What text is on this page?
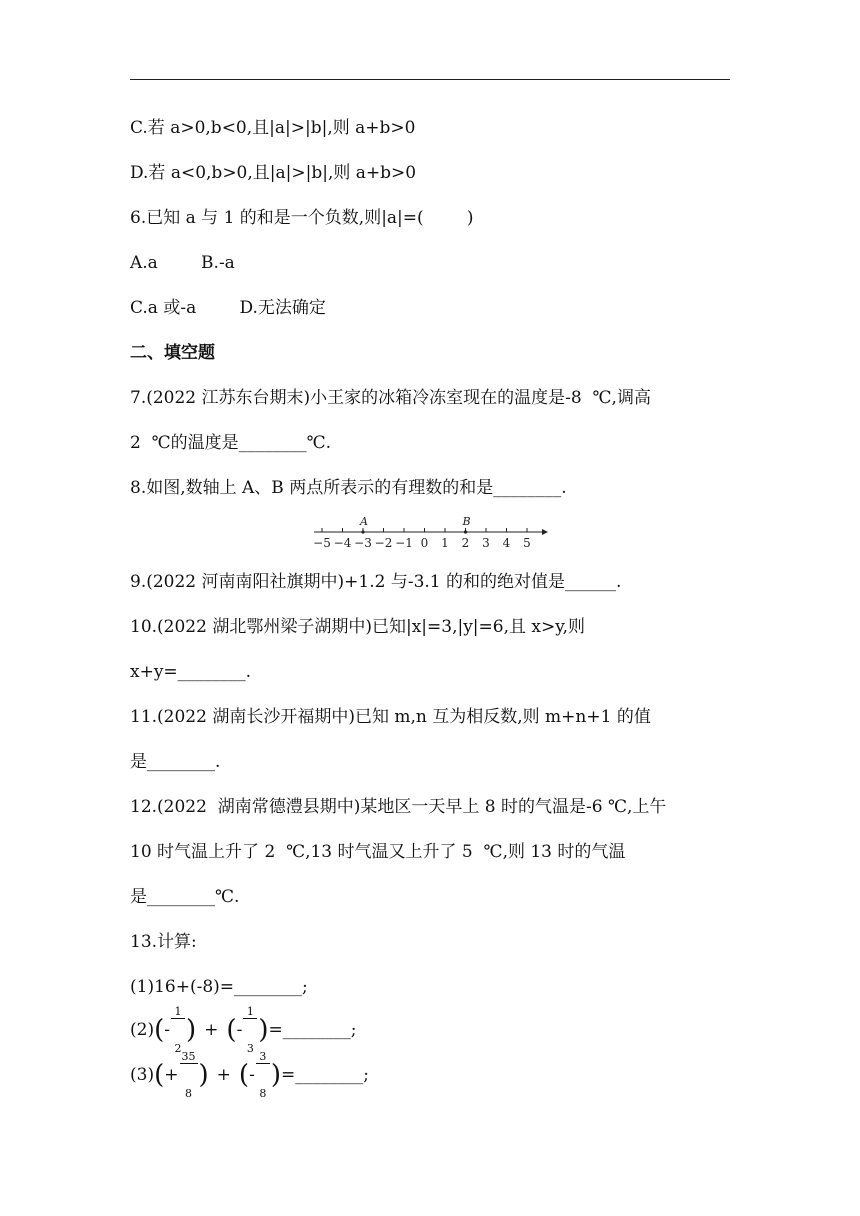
C.若 a>0,b<0,且|a|>|b|,则 a+b>0
D.若 a<0,b>0,且|a|>|b|,则 a+b>0
6.已知 a 与 1 的和是一个负数,则|a|=(        )
A.a        B.-a
C.a 或-a        D.无法确定
二、填空题
7.(2022 江苏东台期末)小王家的冰箱冷冻室现在的温度是-8  ℃,调高
2  ℃的温度是________℃.
8.如图,数轴上 A、B 两点所表示的有理数的和是________.
−5 −4 −3 −2 −1 0 1 2 3 4 5
A	B
9.(2022 河南南阳社旗期中)+1.2 与-3.1 的和的绝对值是______.
10.(2022 湖北鄂州梁子湖期中)已知|x|=3,|y|=6,且 x>y,则
x+y=________.
11.(2022 湖南长沙开福期中)已知 m,n 互为相反数,则 m+n+1 的值
是________.
12.(2022  湖南常德澧县期中)某地区一天早上 8 时的气温是-6 ℃,上午
10 时气温上升了 2  ℃,13 时气温又上升了 5  ℃,则 13 时的气温
是________℃.
13.计算:
(1)16+(-8)=________;
(2) ( -

$\frac{1}{2}$

) + ( -

$\frac{1}{3}$

) =________;
(3) ( +

$\frac{35}{8}$

) + ( -

$\frac{3}{8}$

) =________;
